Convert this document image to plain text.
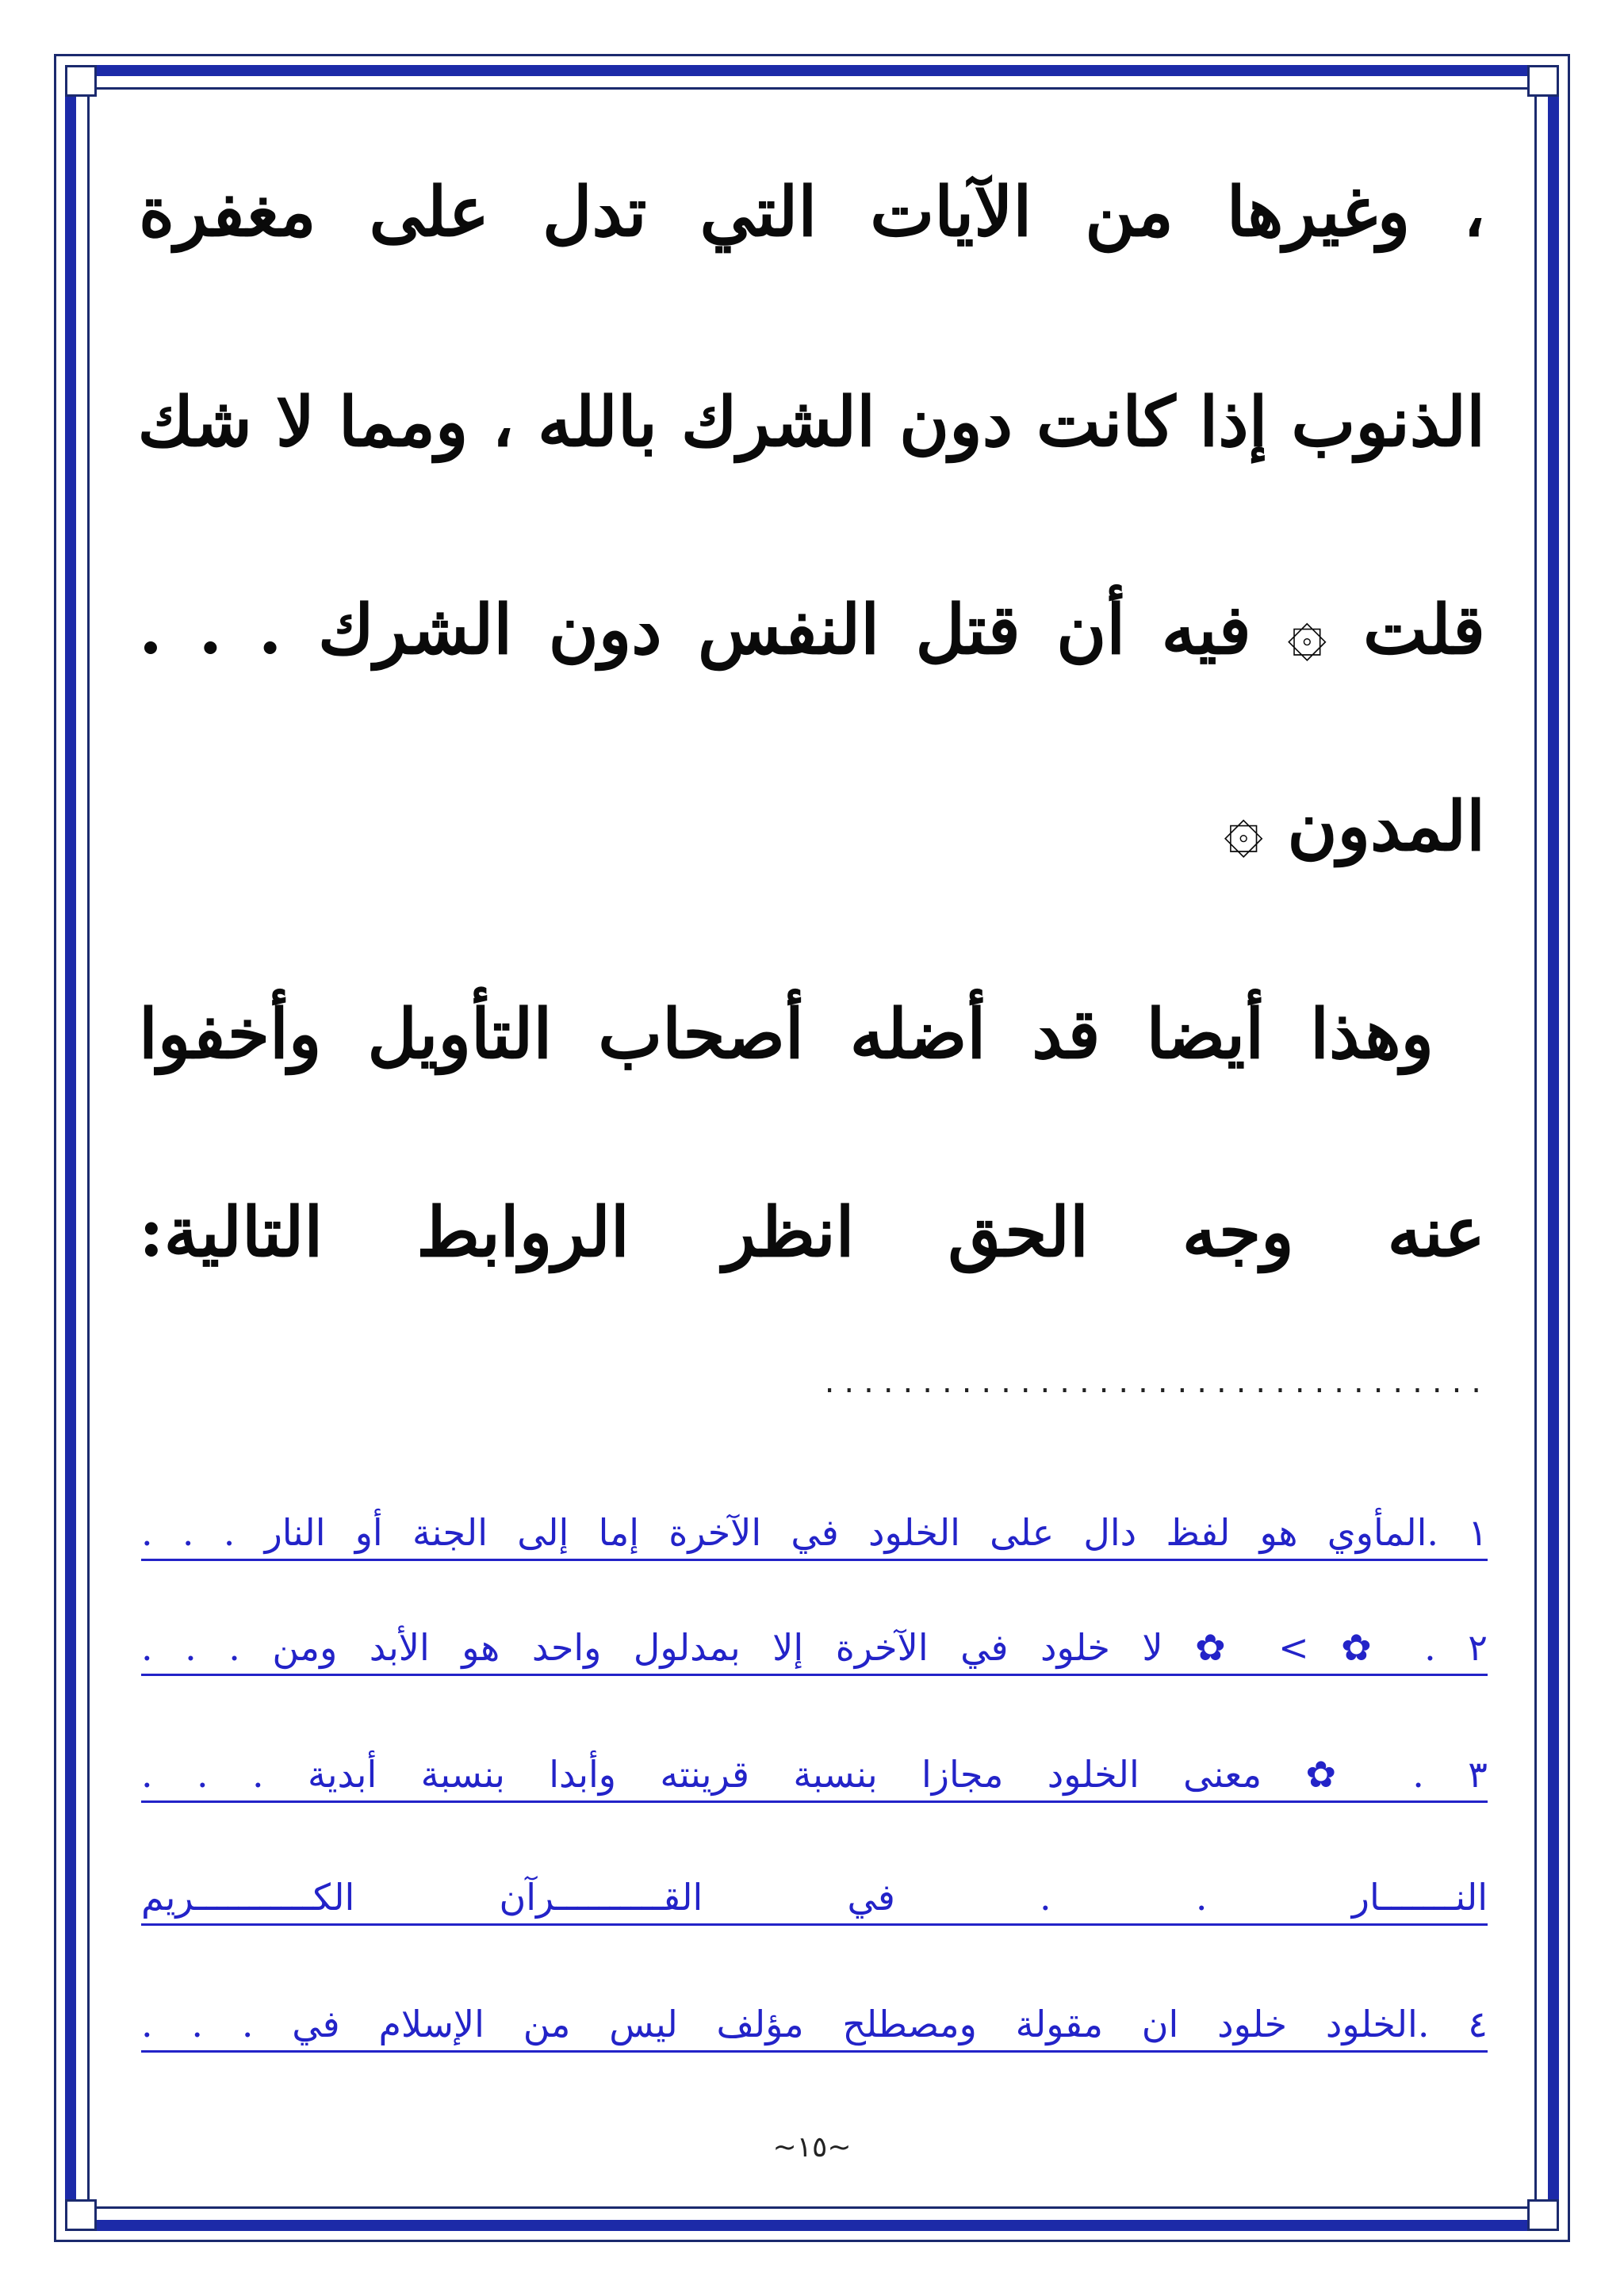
، وغيرها من الآيات التي تدل على مغفرة
الذنوب إذا كانت دون الشرك بالله ، ومما لا شك
قلت ۞ فيه أن قتل النفس دون الشرك . . .
المدون ۞
وهذا أيضا قد أضله أصحاب التأويل وأخفوا
عنه وجه الحق انظر الروابط التالية:
..................................
١ .المأوي هو لفظ دال على الخلود في الآخرة إما إلى الجنة أو النار . . .
٢ . ✿ > ✿ لا خلود في الآخرة إلا بمدلول واحد هو الأبد ومن . . .
٣ . ✿ معنى الخلود مجازا بنسبة قرينته وأبدا بنسبة أبدية . . .
النـــــــار . . في القــــــــــرآن الكـــــــــــريم
٤ .الخلود خلود ان مقولة ومصطلح مؤلف ليس من الإسلام في . . .
~١٥~
